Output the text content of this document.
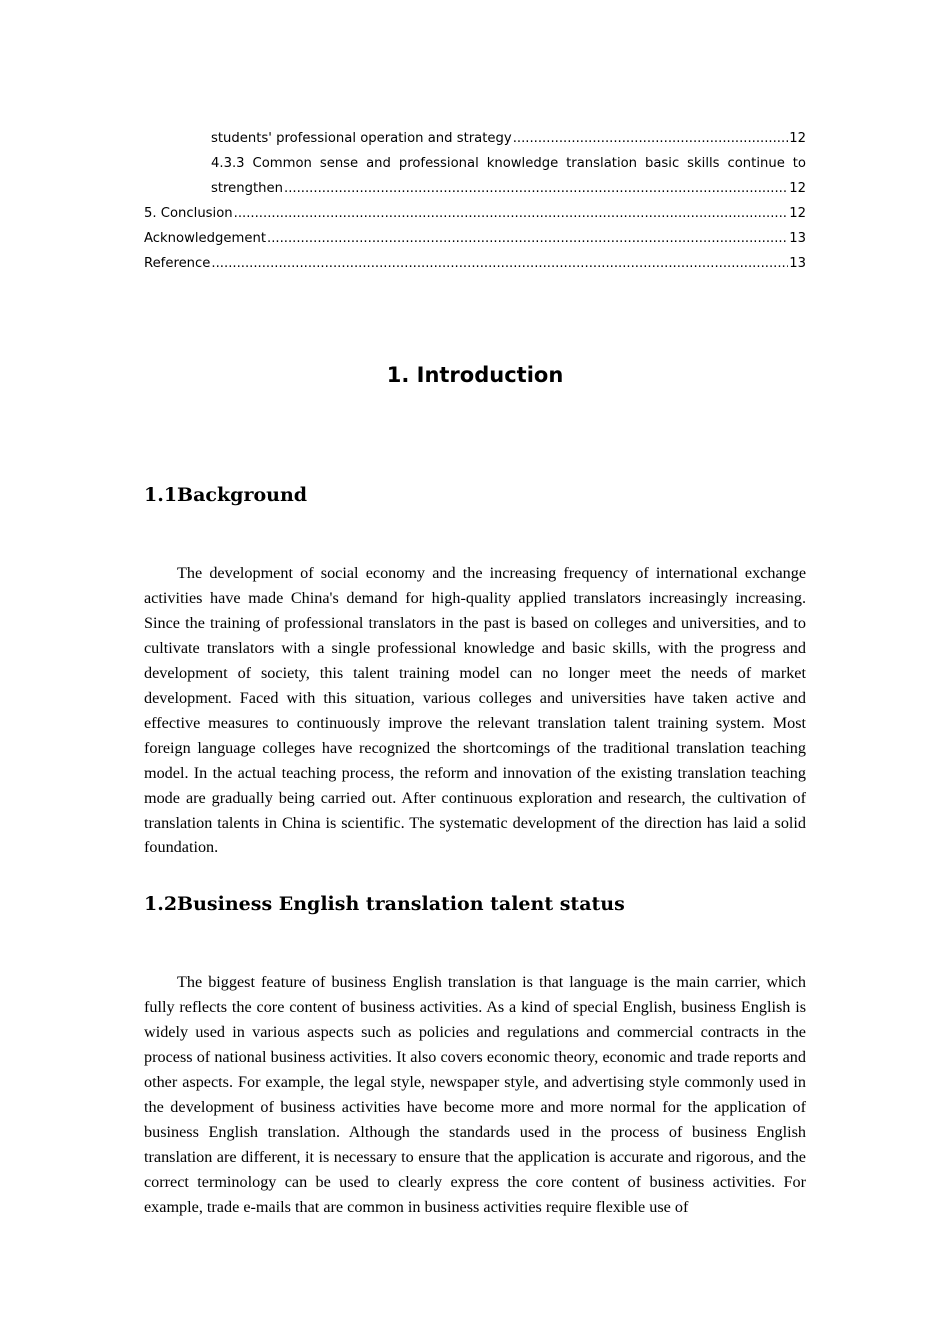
students' professional operation and strategy .....	12
4.3.3 Common sense and professional knowledge translation basic skills continue to
strengthen .....	12
5. Conclusion .....	12
Acknowledgement .....	13
Reference .....	13
1. Introduction
1.1Background

The development of social economy and the increasing frequency of international exchange activities have made China's demand for high-quality applied translators increasingly increasing. Since the training of professional translators in the past is based on colleges and universities, and to cultivate translators with a single professional knowledge and basic skills, with the progress and development of society, this talent training model can no longer meet the needs of market development. Faced with this situation, various colleges and universities have taken active and effective measures to continuously improve the relevant translation talent training system. Most foreign language colleges have recognized the shortcomings of the traditional translation teaching model. In the actual teaching process, the reform and innovation of the existing translation teaching mode are gradually being carried out. After continuous exploration and research, the cultivation of translation talents in China is scientific. The systematic development of the direction has laid a solid foundation.

1.2Business English translation talent status

The biggest feature of business English translation is that language is the main carrier, which fully reflects the core content of business activities. As a kind of special English, business English is widely used in various aspects such as policies and regulations and commercial contracts in the process of national business activities. It also covers economic theory, economic and trade reports and other aspects. For example, the legal style, newspaper style, and advertising style commonly used in the development of business activities have become more and more normal for the application of business English translation. Although the standards used in the process of business English translation are different, it is necessary to ensure that the application is accurate and rigorous, and the correct terminology can be used to clearly express the core content of business activities. For example, trade e-mails that are common in business activities require flexible use of
